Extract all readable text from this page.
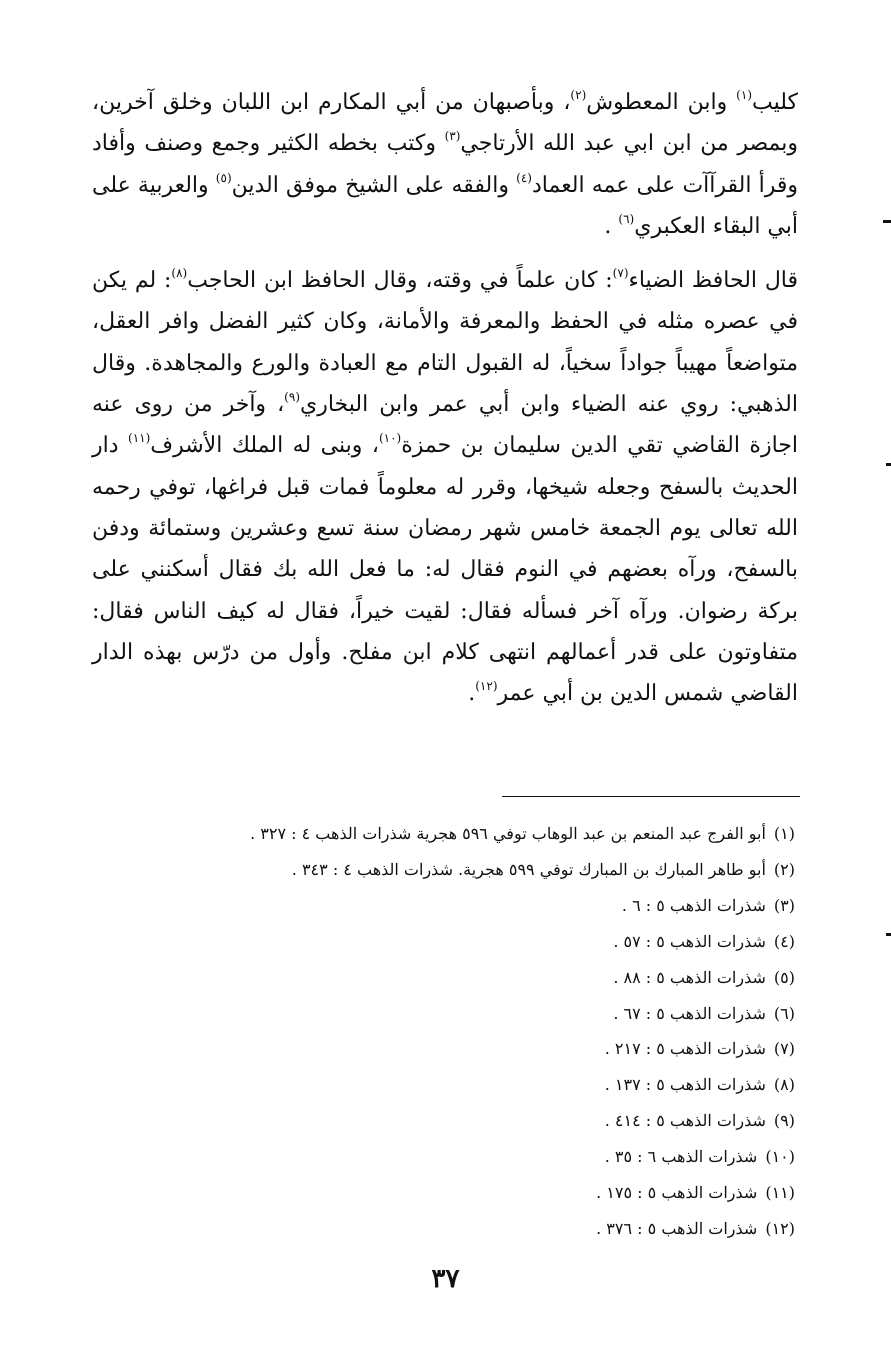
كليب$^{(١)}$ وابن المعطوش$^{(٢)}$، وبأصبهان من أبي المكارم ابن اللبان وخلق آخرين، وبمصر من ابن ابي عبد الله الأرتاجي$^{(٣)}$ وكتب بخطه الكثير وجمع وصنف وأفاد وقرأ القرآآت على عمه العماد$^{(٤)}$ والفقه على الشيخ موفق الدين$^{(٥)}$ والعربية على أبي البقاء العكبري$^{(٦)}$ .

قال الحافظ الضياء$^{(٧)}$: كان علماً في وقته، وقال الحافظ ابن الحاجب$^{(٨)}$: لم يكن في عصره مثله في الحفظ والمعرفة والأمانة، وكان كثير الفضل وافر العقل، متواضعاً مهيباً جواداً سخياً، له القبول التام مع العبادة والورع والمجاهدة. وقال الذهبي: روي عنه الضياء وابن أبي عمر وابن البخاري$^{(٩)}$، وآخر من روى عنه اجازة القاضي تقي الدين سليمان بن حمزة$^{(١٠)}$، وبنى له الملك الأشرف$^{(١١)}$ دار الحديث بالسفح وجعله شيخها، وقرر له معلوماً فمات قبل فراغها، توفي رحمه الله تعالى يوم الجمعة خامس شهر رمضان سنة تسع وعشرين وستمائة ودفن بالسفح، ورآه بعضهم في النوم فقال له: ما فعل الله بك فقال أسكنني على بركة رضوان. ورآه آخر فسأله فقال: لقيت خيراً، فقال له كيف الناس فقال: متفاوتون على قدر أعمالهم انتهى كلام ابن مفلح. وأول من درّس بهذه الدار القاضي شمس الدين بن أبي عمر$^{(١٢)}$.

(١)أبو الفرج عبد المنعم بن عبد الوهاب توفي ٥٩٦ هجرية شذرات الذهب ٤ : ٣٢٧ .
(٢)أبو طاهر المبارك بن المبارك توفي ٥٩٩ هجرية. شذرات الذهب ٤ : ٣٤٣ .
(٣)شذرات الذهب ٥ : ٦ .
(٤)شذرات الذهب ٥ : ٥٧ .
(٥)شذرات الذهب ٥ : ٨٨ .
(٦)شذرات الذهب ٥ : ٦٧ .
(٧)شذرات الذهب ٥ : ٢١٧ .
(٨)شذرات الذهب ٥ : ١٣٧ .
(٩)شذرات الذهب ٥ : ٤١٤ .
(١٠)شذرات الذهب ٦ : ٣٥ .
(١١)شذرات الذهب ٥ : ١٧٥ .
(١٢)شذرات الذهب ٥ : ٣٧٦ .
٣٧
